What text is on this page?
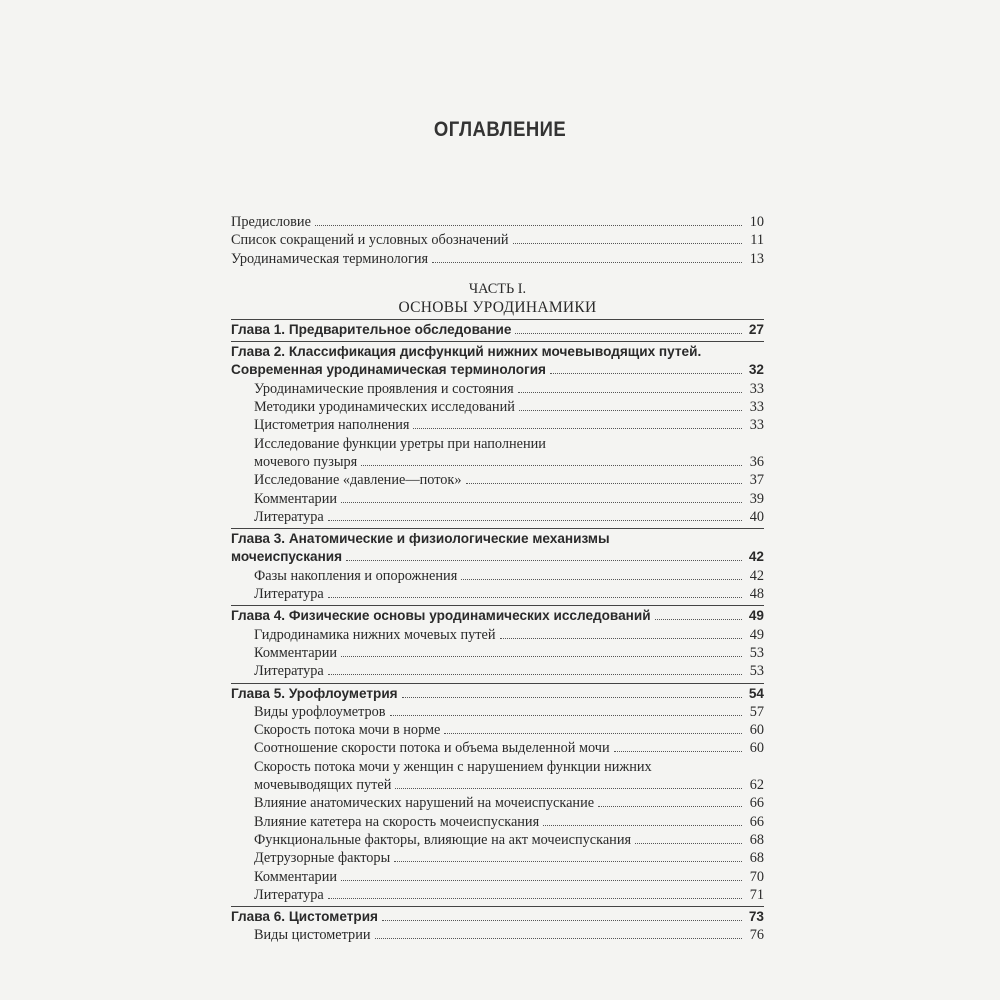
ОГЛАВЛЕНИЕ
Предисловие	10
Список сокращений и условных обозначений	11
Уродинамическая терминология	13
ЧАСТЬ I.
ОСНОВЫ УРОДИНАМИКИ
Глава 1. Предварительное обследование	27
Глава 2. Классификация дисфункций нижних мочевыводящих путей.
Современная уродинамическая терминология	32
Уродинамические проявления и состояния	33
Методики уродинамических исследований	33
Цистометрия наполнения	33
Исследование функции уретры при наполнении
мочевого пузыря	36
Исследование «давление—поток»	37
Комментарии	39
Литература	40
Глава 3. Анатомические и физиологические механизмы
мочеиспускания	42
Фазы накопления и опорожнения	42
Литература	48
Глава 4. Физические основы уродинамических исследований	49
Гидродинамика нижних мочевых путей	49
Комментарии	53
Литература	53
Глава 5. Урофлоуметрия	54
Виды урофлоуметров	57
Скорость потока мочи в норме	60
Соотношение скорости потока и объема выделенной мочи	60
Скорость потока мочи у женщин с нарушением функции нижних
мочевыводящих путей	62
Влияние анатомических нарушений на мочеиспускание	66
Влияние катетера на скорость мочеиспускания	66
Функциональные факторы, влияющие на акт мочеиспускания	68
Детрузорные факторы	68
Комментарии	70
Литература	71
Глава 6. Цистометрия	73
Виды цистометрии	76
